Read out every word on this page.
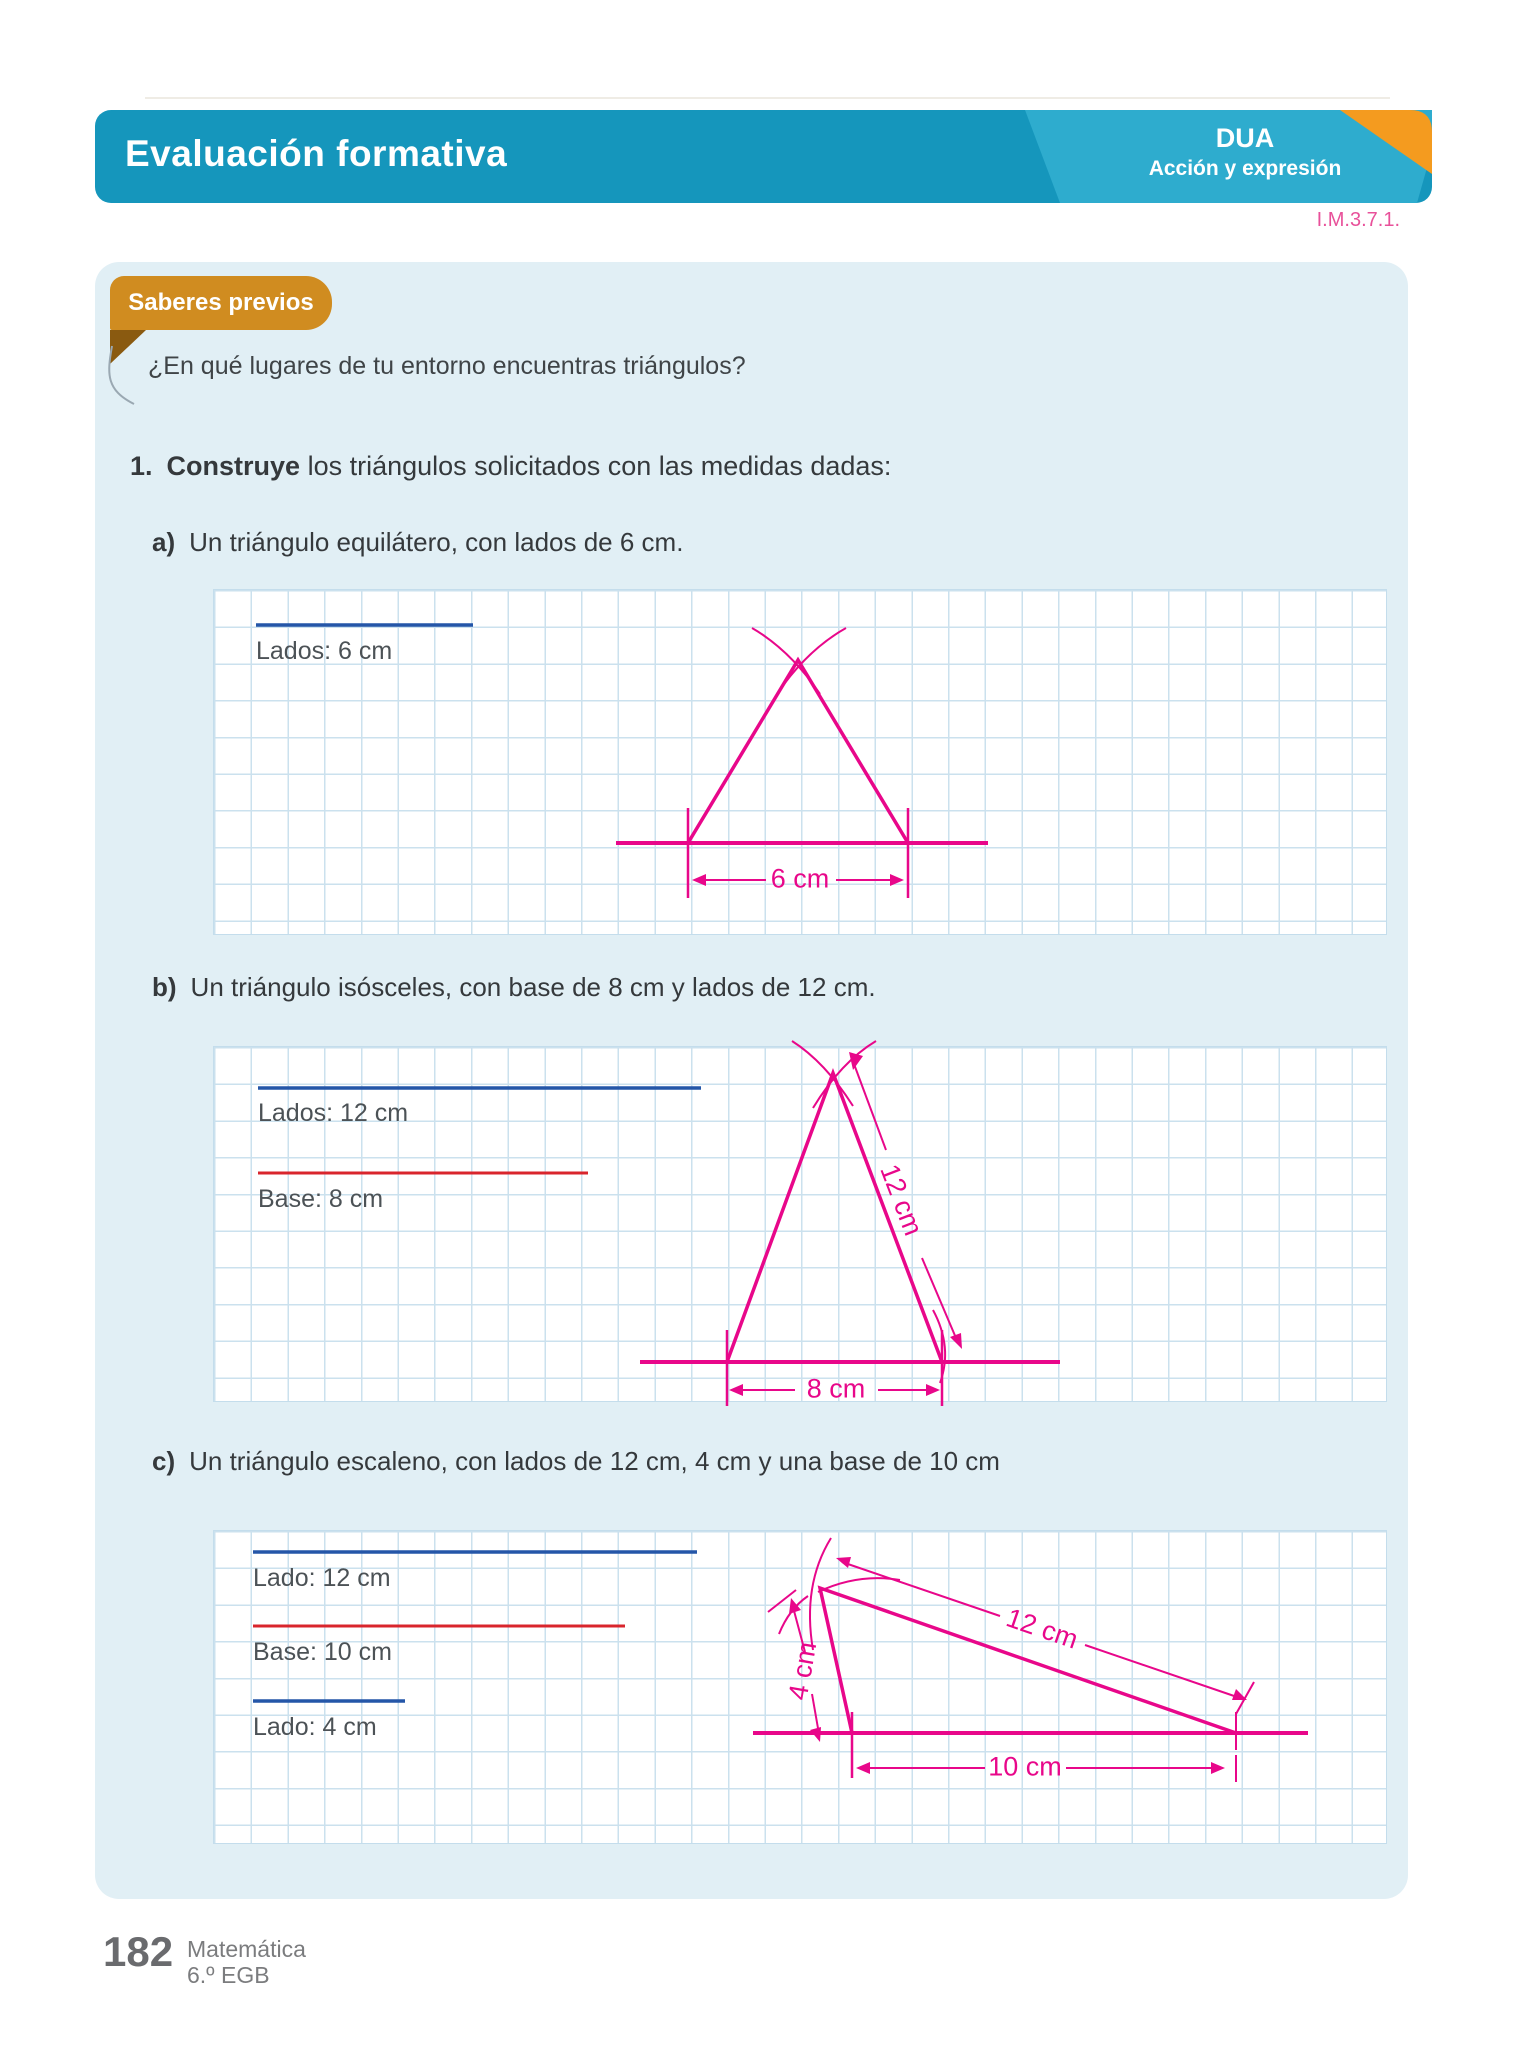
Evaluación formativa	DUA
Acción y expresión
I.M.3.7.1.
Saberes previos
¿En qué lugares de tu entorno encuentras triángulos?
1. Construye los triángulos solicitados con las medidas dadas:
a) Un triángulo equilátero, con lados de 6 cm.
b) Un triángulo isósceles, con base de 8 cm y lados de 12 cm.
c) Un triángulo escaleno, con lados de 12 cm, 4 cm y una base de 10 cm
Lados: 6 cm
6 cm
Lados: 12 cm
Base: 8 cm	12 cm
8 cm
Lado: 12 cm
Base: 10 cm
Lado: 4 cm
12 cm
4 cm
10 cm
182 Matemática
6.º EGB
